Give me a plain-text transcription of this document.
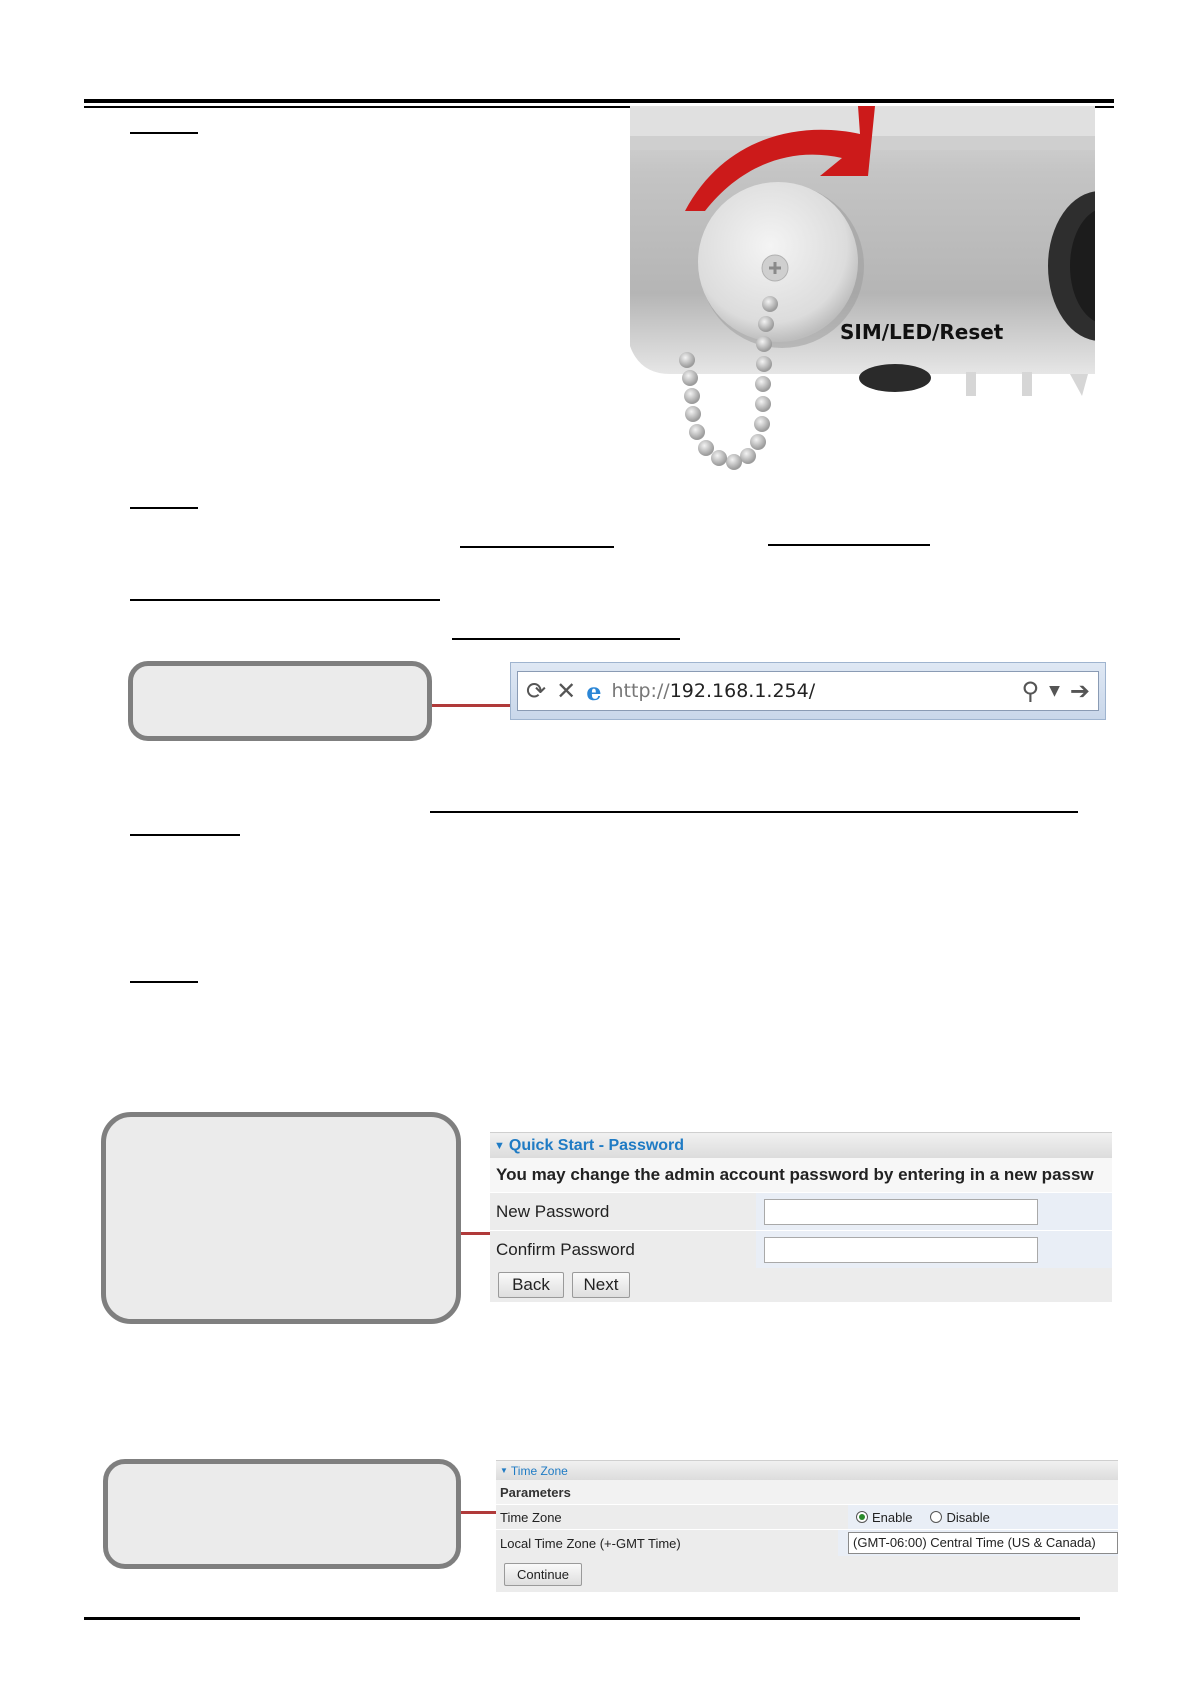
SIM/LED/Reset
⟳ ✕ e http:// 192.168.1.254/	⚲ ▼ ➔
▼ Quick Start - Password
You may change the admin account password by entering in a new passw
New Password
Confirm Password
Back	Next
▼ Time Zone
Parameters
Time Zone	Enable	Disable
Local Time Zone (+-GMT Time)	(GMT-06:00) Central Time (US & Canada)
Continue
